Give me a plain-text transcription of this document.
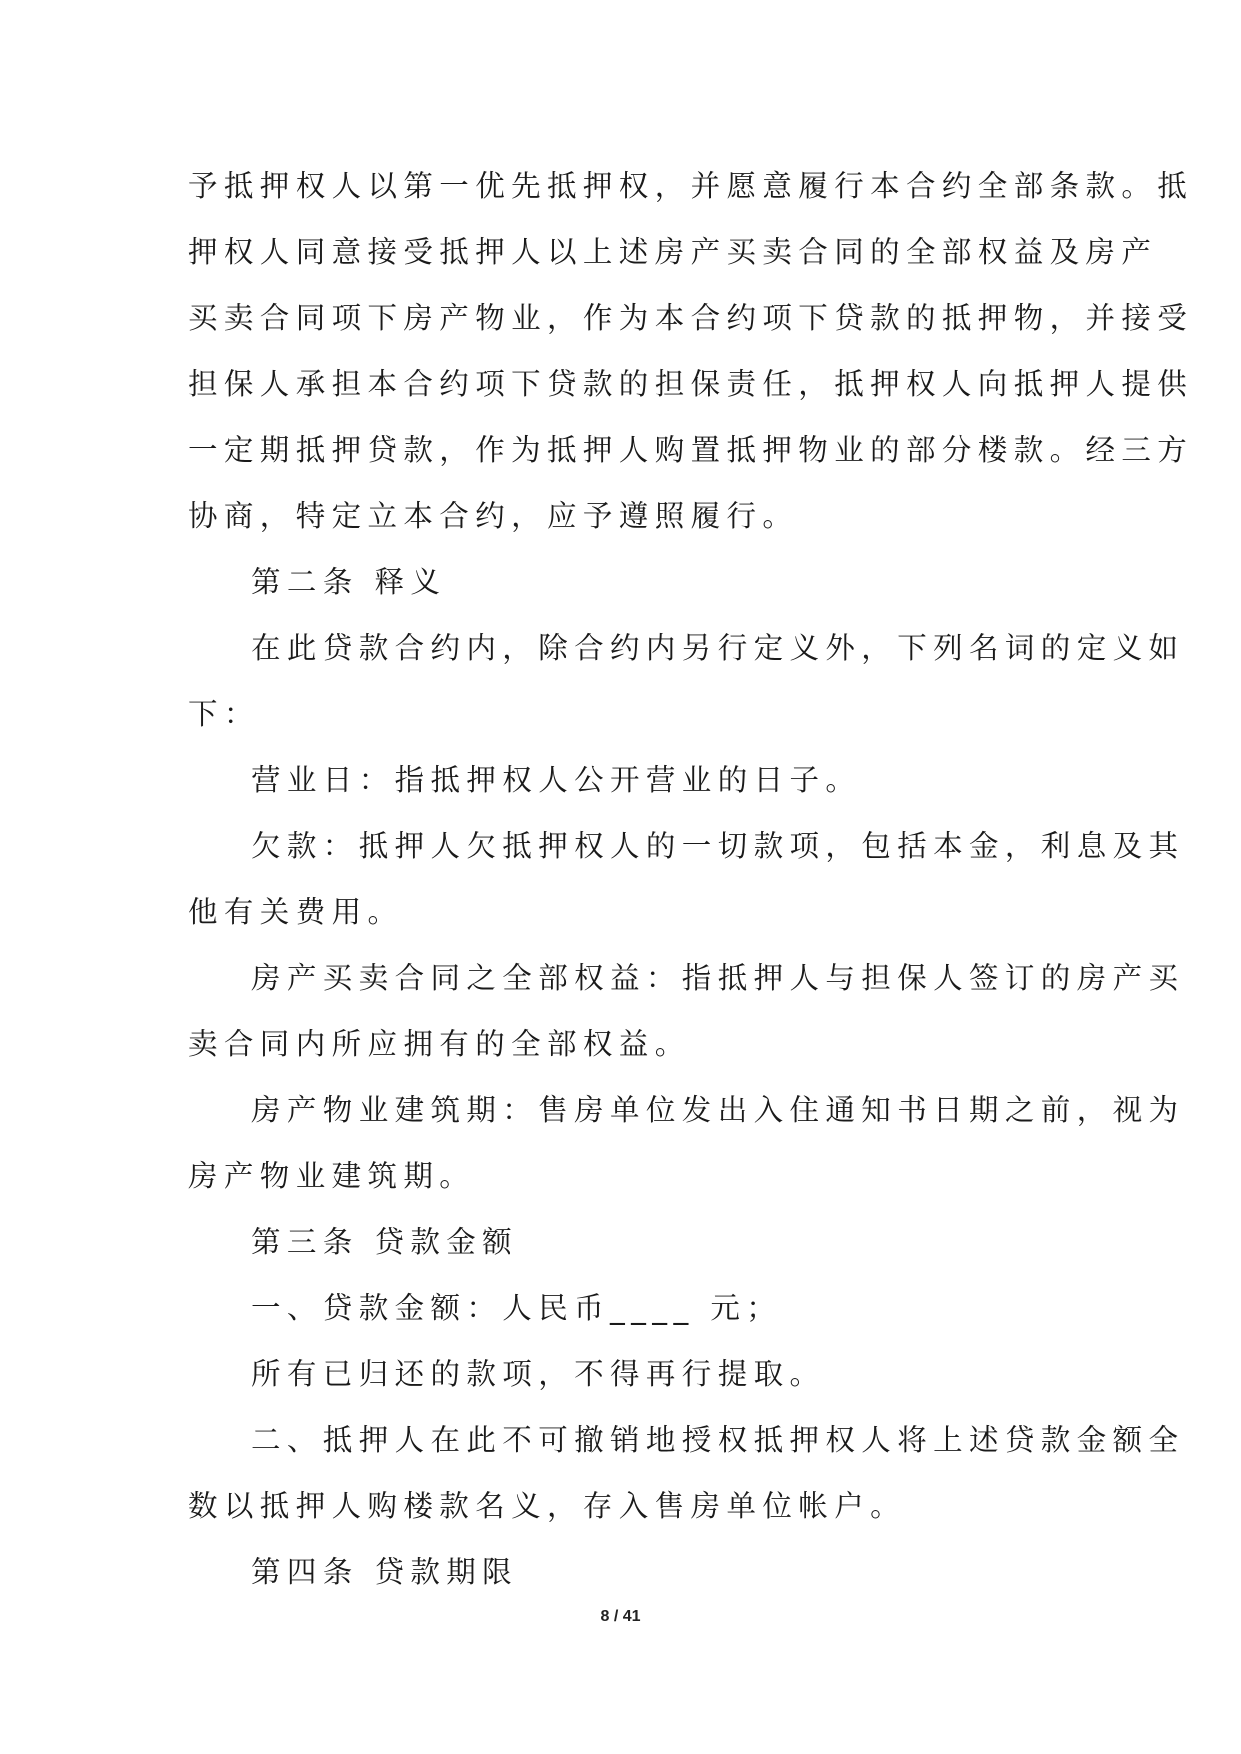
予抵押权人以第一优先抵押权，并愿意履行本合约全部条款。抵
押权人同意接受抵押人以上述房产买卖合同的全部权益及房产
买卖合同项下房产物业，作为本合约项下贷款的抵押物，并接受
担保人承担本合约项下贷款的担保责任，抵押权人向抵押人提供
一定期抵押贷款，作为抵押人购置抵押物业的部分楼款。经三方
协商，特定立本合约，应予遵照履行。
第二条 释义
在此贷款合约内，除合约内另行定义外，下列名词的定义如
下：
营业日：指抵押权人公开营业的日子。
欠款：抵押人欠抵押权人的一切款项，包括本金，利息及其
他有关费用。
房产买卖合同之全部权益：指抵押人与担保人签订的房产买
卖合同内所应拥有的全部权益。
房产物业建筑期：售房单位发出入住通知书日期之前，视为
房产物业建筑期。
第三条 贷款金额
一、贷款金额：人民币____ 元；
所有已归还的款项，不得再行提取。
二、抵押人在此不可撤销地授权抵押权人将上述贷款金额全
数以抵押人购楼款名义，存入售房单位帐户。
第四条 贷款期限
8 / 41
